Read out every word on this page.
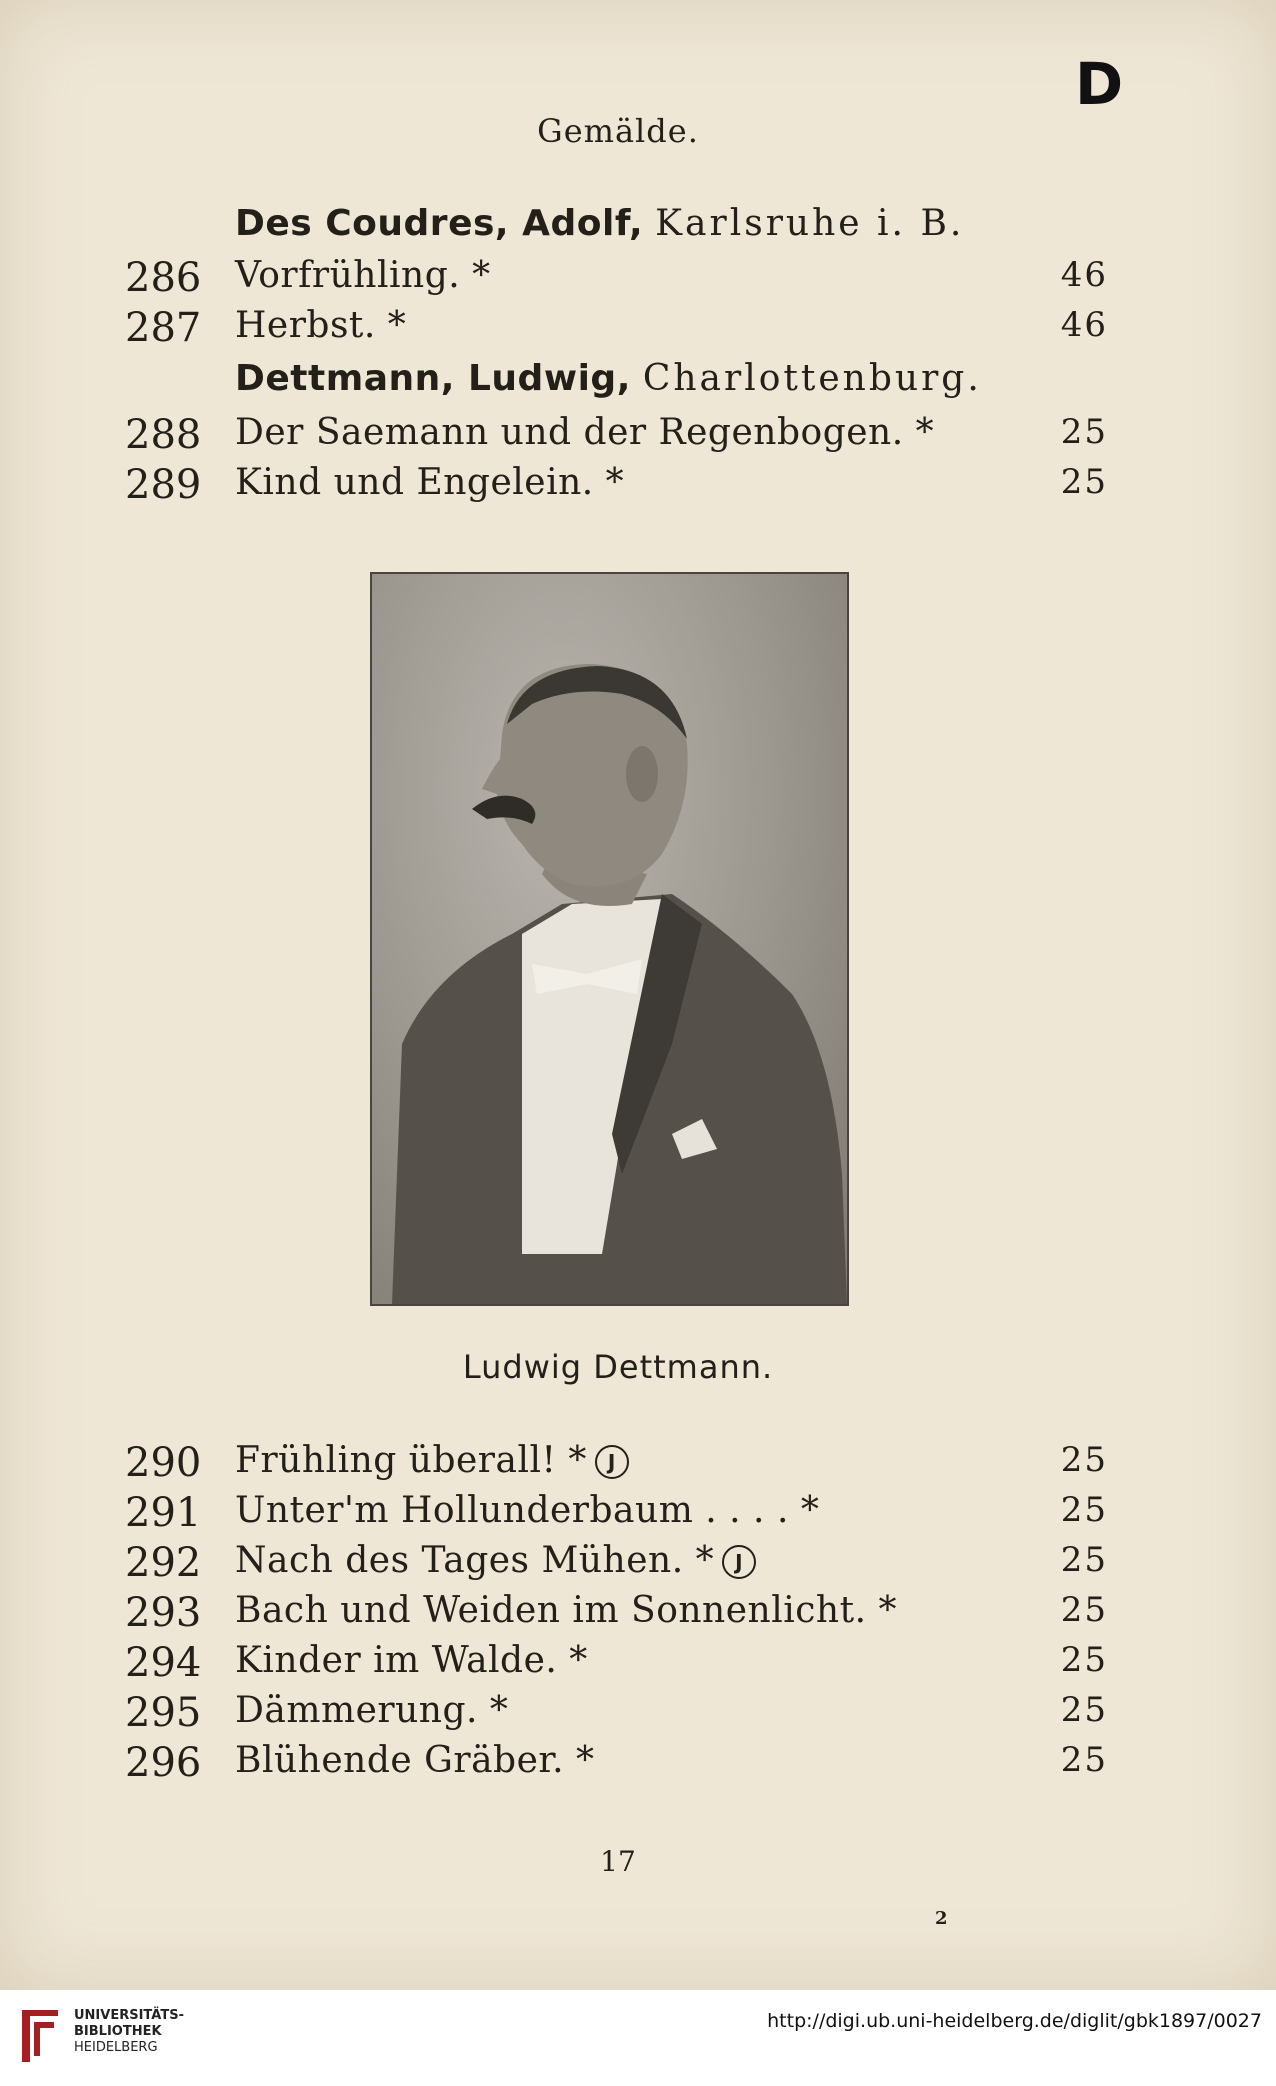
D
Gemälde.
Des Coudres, Adolf, Karlsruhe i. B.
286 Vorfrühling. *	46
287 Herbst. *	46
Dettmann, Ludwig, Charlottenburg.
288 Der Saemann und der Regenbogen. *	25
289 Kind und Engelein. *	25
Ludwig Dettmann.
290 Frühling überall! * J	25
291 Unter'm Hollunderbaum . . . . *	25
292 Nach des Tages Mühen. * J	25
293 Bach und Weiden im Sonnenlicht. *	25
294 Kinder im Walde. *	25
295 Dämmerung. *	25
296 Blühende Gräber. *	25
17
2
UNIVERSITÄTS-
BIBLIOTHEK
HEIDELBERG
http://digi.ub.uni-heidelberg.de/diglit/gbk1897/0027
